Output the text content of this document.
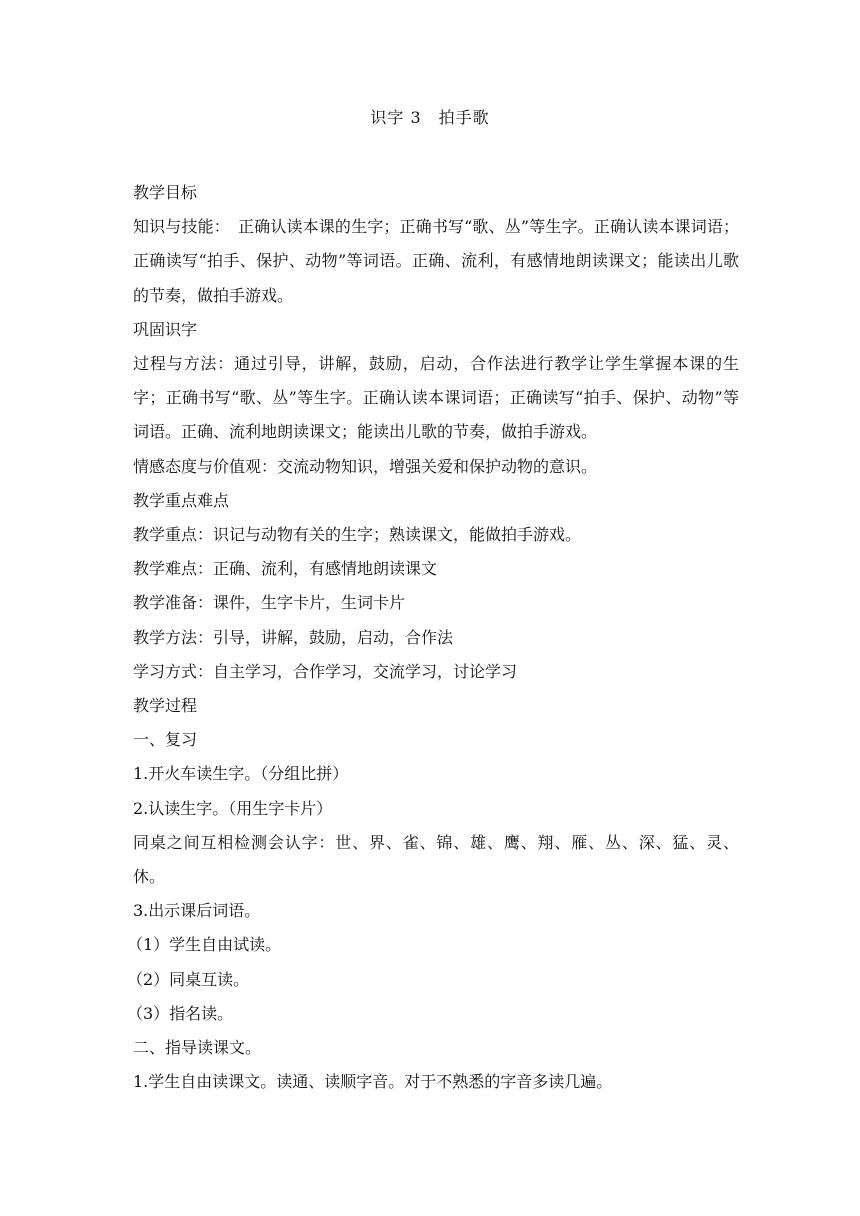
识字 3　拍手歌

教学目标

知识与技能：　正确认读本课的生字；正确书写“歌、丛”等生字。正确认读本课词语；正确读写“拍手、保护、动物”等词语。正确、流利，有感情地朗读课文；能读出儿歌的节奏，做拍手游戏。

巩固识字

过程与方法：通过引导，讲解，鼓励，启动，合作法进行教学让学生掌握本课的生字；正确书写“歌、丛”等生字。正确认读本课词语；正确读写“拍手、保护、动物”等词语。正确、流利地朗读课文；能读出儿歌的节奏，做拍手游戏。

情感态度与价值观：交流动物知识，增强关爱和保护动物的意识。

教学重点难点

教学重点：识记与动物有关的生字；熟读课文，能做拍手游戏。

教学难点：正确、流利，有感情地朗读课文

教学准备：课件，生字卡片，生词卡片

教学方法：引导，讲解，鼓励，启动，合作法

学习方式：自主学习，合作学习，交流学习，讨论学习

教学过程

一、复习

1.开火车读生字。（分组比拼）

2.认读生字。（用生字卡片）

同桌之间互相检测会认字：世、界、雀、锦、雄、鹰、翔、雁、丛、深、猛、灵、休。

3.出示课后词语。

（1）学生自由试读。

（2）同桌互读。

（3）指名读。

二、指导读课文。

1.学生自由读课文。读通、读顺字音。对于不熟悉的字音多读几遍。
